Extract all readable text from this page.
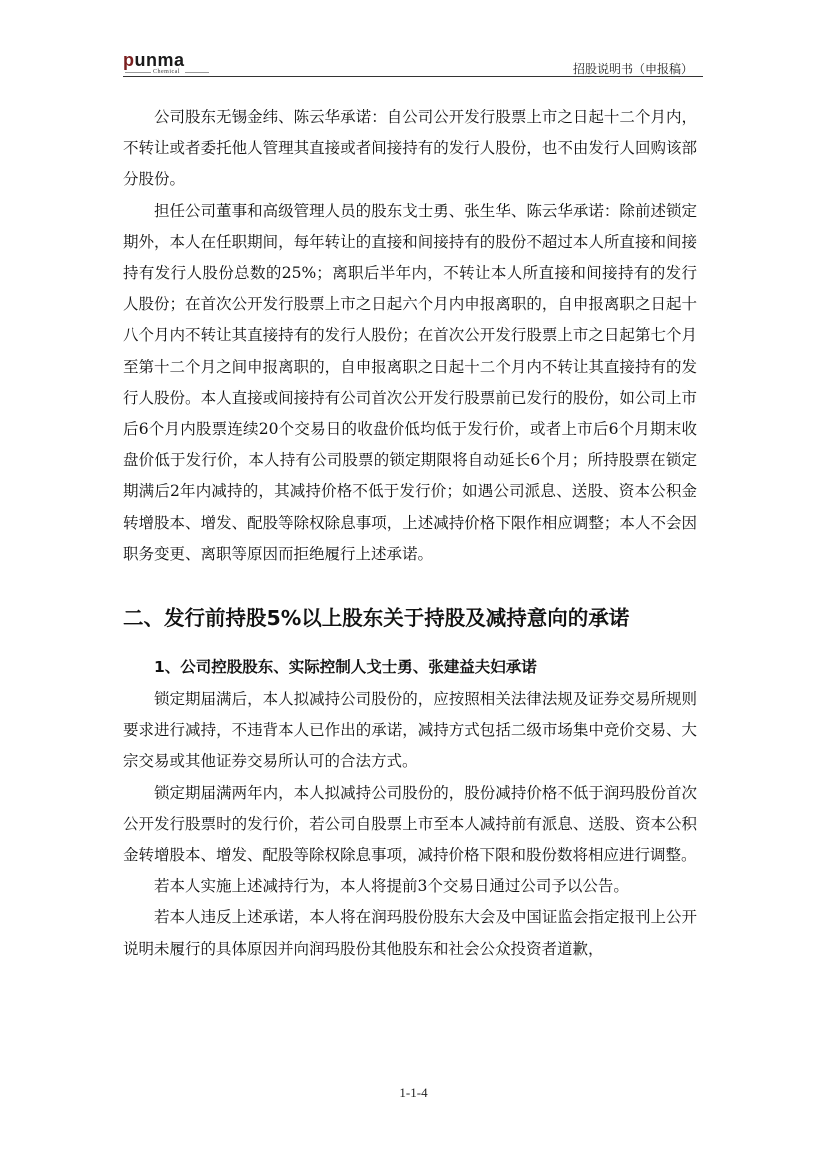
punma
Chemical	招股说明书（申报稿）

公司股东无锡金纬、陈云华承诺：自公司公开发行股票上市之日起十二个月内，不转让或者委托他人管理其直接或者间接持有的发行人股份，也不由发行人回购该部分股份。

担任公司董事和高级管理人员的股东戈士勇、张生华、陈云华承诺：除前述锁定期外，本人在任职期间，每年转让的直接和间接持有的股份不超过本人所直接和间接持有发行人股份总数的25%；离职后半年内，不转让本人所直接和间接持有的发行人股份；在首次公开发行股票上市之日起六个月内申报离职的，自申报离职之日起十八个月内不转让其直接持有的发行人股份；在首次公开发行股票上市之日起第七个月至第十二个月之间申报离职的，自申报离职之日起十二个月内不转让其直接持有的发行人股份。本人直接或间接持有公司首次公开发行股票前已发行的股份，如公司上市后6个月内股票连续20个交易日的收盘价低均低于发行价，或者上市后6个月期末收盘价低于发行价，本人持有公司股票的锁定期限将自动延长6个月；所持股票在锁定期满后2年内减持的，其减持价格不低于发行价；如遇公司派息、送股、资本公积金转增股本、增发、配股等除权除息事项，上述减持价格下限作相应调整；本人不会因职务变更、离职等原因而拒绝履行上述承诺。

二、发行前持股5%以上股东关于持股及减持意向的承诺
1、公司控股股东、实际控制人戈士勇、张建益夫妇承诺

锁定期届满后，本人拟减持公司股份的，应按照相关法律法规及证券交易所规则要求进行减持，不违背本人已作出的承诺，减持方式包括二级市场集中竞价交易、大宗交易或其他证券交易所认可的合法方式。

锁定期届满两年内，本人拟减持公司股份的，股份减持价格不低于润玛股份首次公开发行股票时的发行价，若公司自股票上市至本人减持前有派息、送股、资本公积金转增股本、增发、配股等除权除息事项，减持价格下限和股份数将相应进行调整。

若本人实施上述减持行为，本人将提前3个交易日通过公司予以公告。

若本人违反上述承诺，本人将在润玛股份股东大会及中国证监会指定报刊上公开说明未履行的具体原因并向润玛股份其他股东和社会公众投资者道歉，

1-1-4
